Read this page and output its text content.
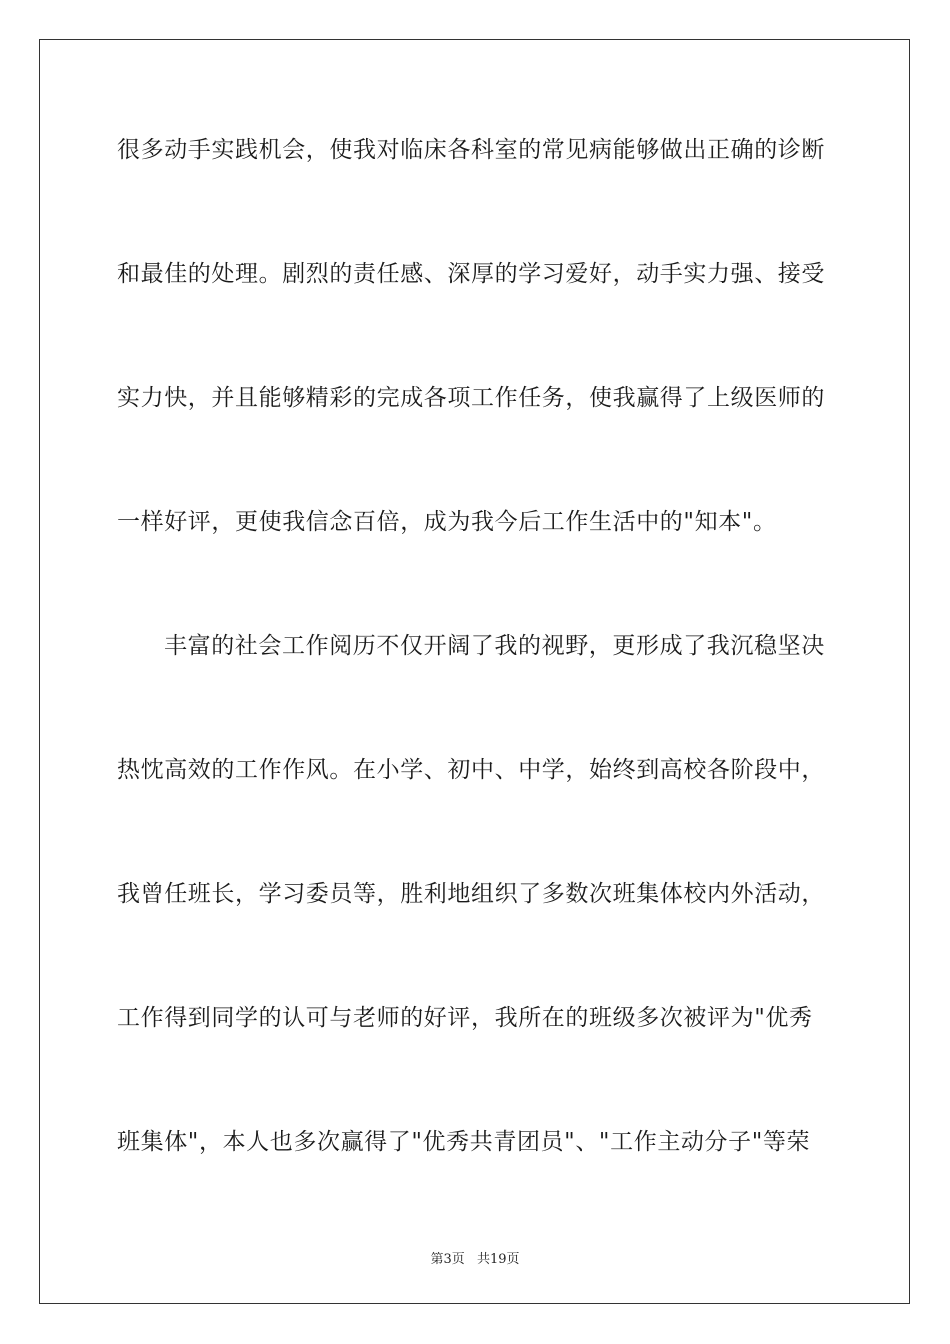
很多动手实践机会，使我对临床各科室的常见病能够做出正确的诊断
和最佳的处理。剧烈的责任感、深厚的学习爱好，动手实力强、接受
实力快，并且能够精彩的完成各项工作任务，使我赢得了上级医师的
一样好评，更使我信念百倍，成为我今后工作生活中的"知本"。
丰富的社会工作阅历不仅开阔了我的视野，更形成了我沉稳坚决
热忱高效的工作作风。在小学、初中、中学，始终到高校各阶段中，
我曾任班长，学习委员等，胜利地组织了多数次班集体校内外活动，
工作得到同学的认可与老师的好评，我所在的班级多次被评为"优秀
班集体"，本人也多次赢得了"优秀共青团员"、"工作主动分子"等荣
第3页 共19页
